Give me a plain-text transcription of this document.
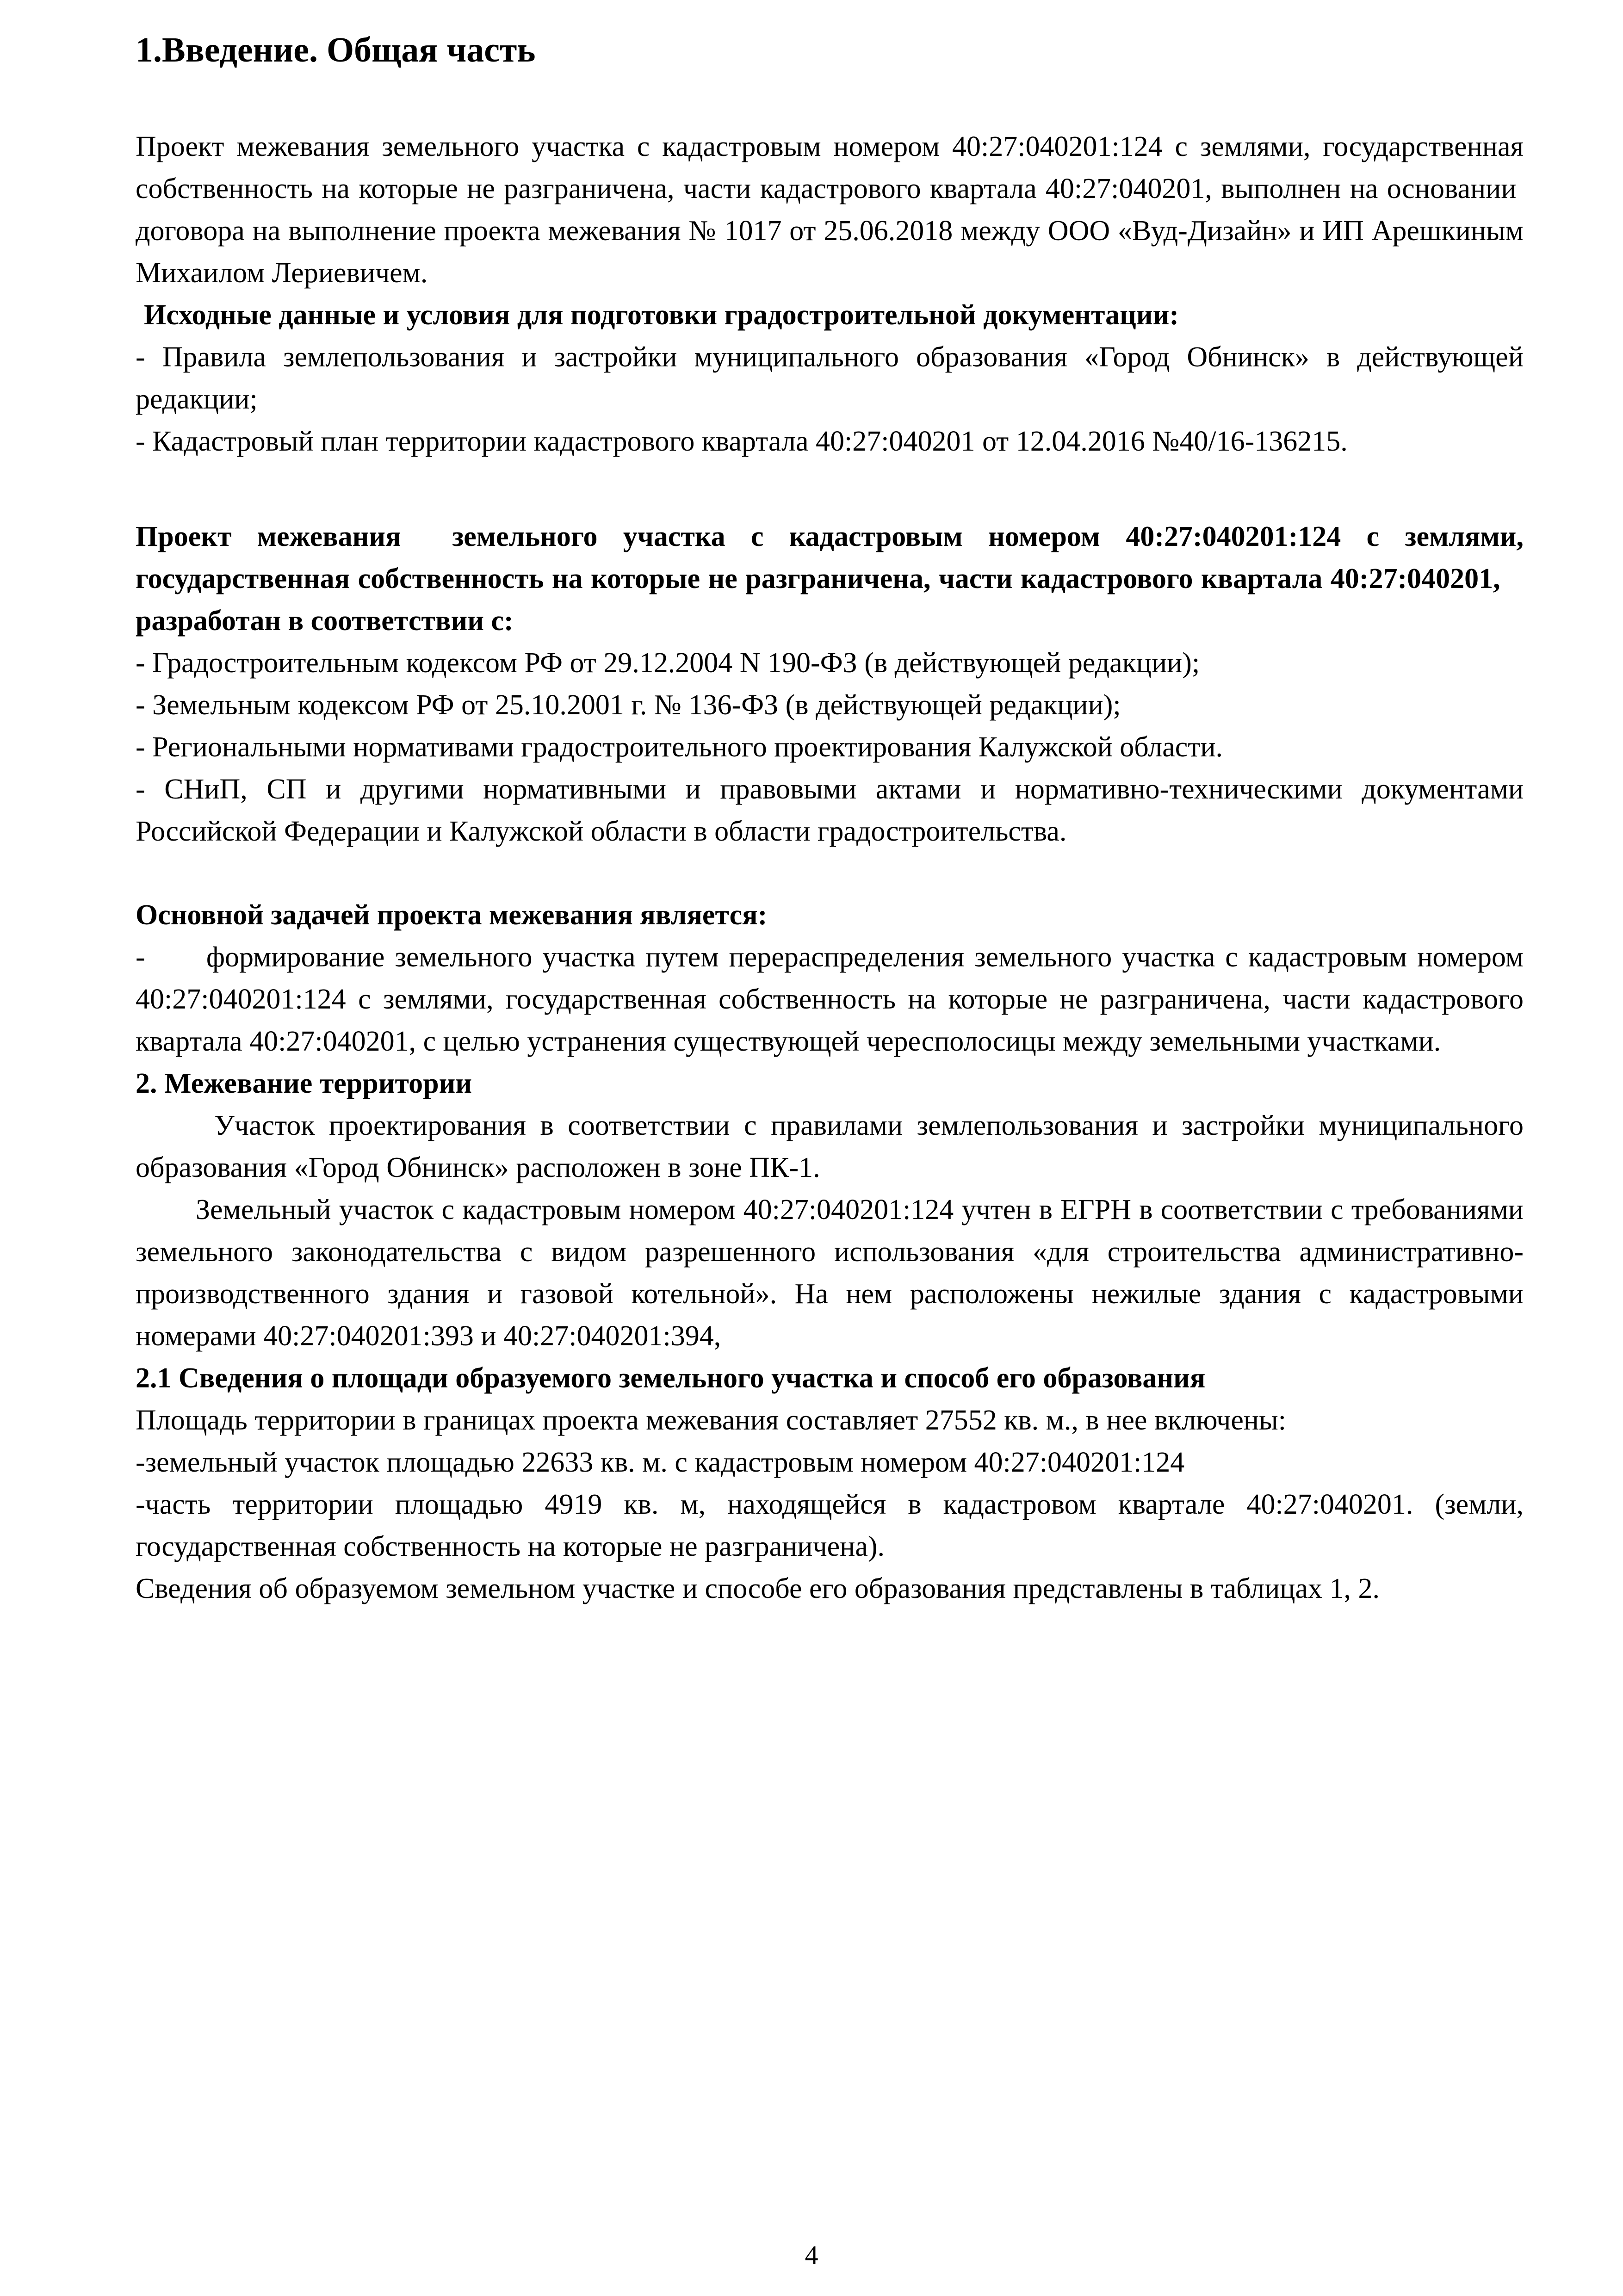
1.Введение. Общая часть

Проект межевания земельного участка с кадастровым номером 40:27:040201:124 с землями, государственная собственность на которые не разграничена, части кадастрового квартала 40:27:040201, выполнен на основании  договора на выполнение проекта межевания № 1017 от 25.06.2018 между ООО «Вуд-Дизайн» и ИП Арешкиным Михаилом Лериевичем.

Исходные данные и условия для подготовки градостроительной документации:

- Правила землепользования и застройки муниципального образования «Город Обнинск» в действующей редакции;

- Кадастровый план территории кадастрового квартала 40:27:040201 от 12.04.2016 №40/16-136215.

Проект межевания  земельного участка с кадастровым номером 40:27:040201:124 с землями, государственная собственность на которые не разграничена, части кадастрового квартала 40:27:040201,    разработан в соответствии с:

- Градостроительным кодексом РФ от 29.12.2004 N 190-ФЗ (в действующей редакции);

- Земельным кодексом РФ от 25.10.2001 г. № 136-ФЗ (в действующей редакции);

- Региональными нормативами градостроительного проектирования Калужской области.

- СНиП, СП и другими нормативными и правовыми актами и нормативно-техническими документами Российской Федерации и Калужской области в области градостроительства.

Основной задачей проекта межевания является:

-      формирование земельного участка путем перераспределения земельного участка с кадастровым номером 40:27:040201:124 с землями, государственная собственность на которые не разграничена, части кадастрового квартала 40:27:040201, с целью устранения существующей чересполосицы между земельными участками.

2. Межевание территории

Участок проектирования в соответствии с правилами землепользования и застройки муниципального образования «Город Обнинск» расположен в зоне ПК-1.

Земельный участок с кадастровым номером 40:27:040201:124 учтен в ЕГРН в соответствии с требованиями земельного законодательства с видом разрешенного использования «для строительства административно-производственного здания и газовой котельной». На нем расположены нежилые здания с кадастровыми номерами 40:27:040201:393 и 40:27:040201:394,

2.1 Сведения о площади образуемого земельного участка и способ его образования

Площадь территории в границах проекта межевания составляет 27552 кв. м., в нее включены:

-земельный участок площадью 22633 кв. м. с кадастровым номером 40:27:040201:124

-часть территории площадью 4919 кв. м, находящейся в кадастровом квартале 40:27:040201. (земли, государственная собственность на которые не разграничена).

Сведения об образуемом земельном участке и способе его образования представлены в таблицах 1, 2.

4
